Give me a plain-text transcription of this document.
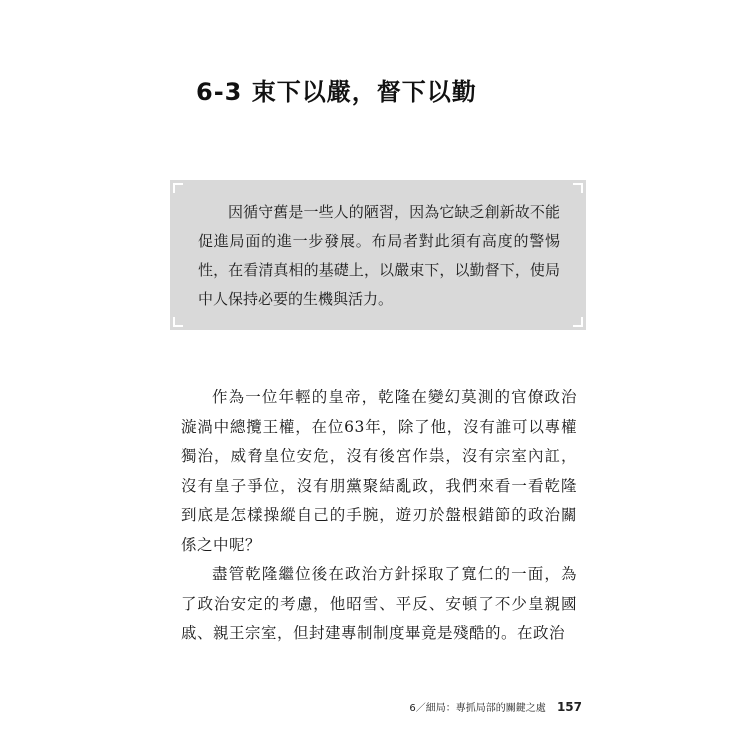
6-3 束下以嚴，督下以勤

因循守舊是一些人的陋習，因為它缺乏創新故不能促進局面的進一步發展。布局者對此須有高度的警惕性，在看清真相的基礎上，以嚴束下，以勤督下，使局中人保持必要的生機與活力。

作為一位年輕的皇帝，乾隆在變幻莫測的官僚政治漩渦中總攬王權，在位63年，除了他，沒有誰可以專權獨治，威脅皇位安危，沒有後宮作祟，沒有宗室內訌，沒有皇子爭位，沒有朋黨聚結亂政，我們來看一看乾隆到底是怎樣操縱自己的手腕，遊刃於盤根錯節的政治關係之中呢？

盡管乾隆繼位後在政治方針採取了寬仁的一面，為了政治安定的考慮，他昭雪、平反、安頓了不少皇親國戚、親王宗室，但封建專制制度畢竟是殘酷的。在政治

6／細局：專抓局部的關鍵之處 157
